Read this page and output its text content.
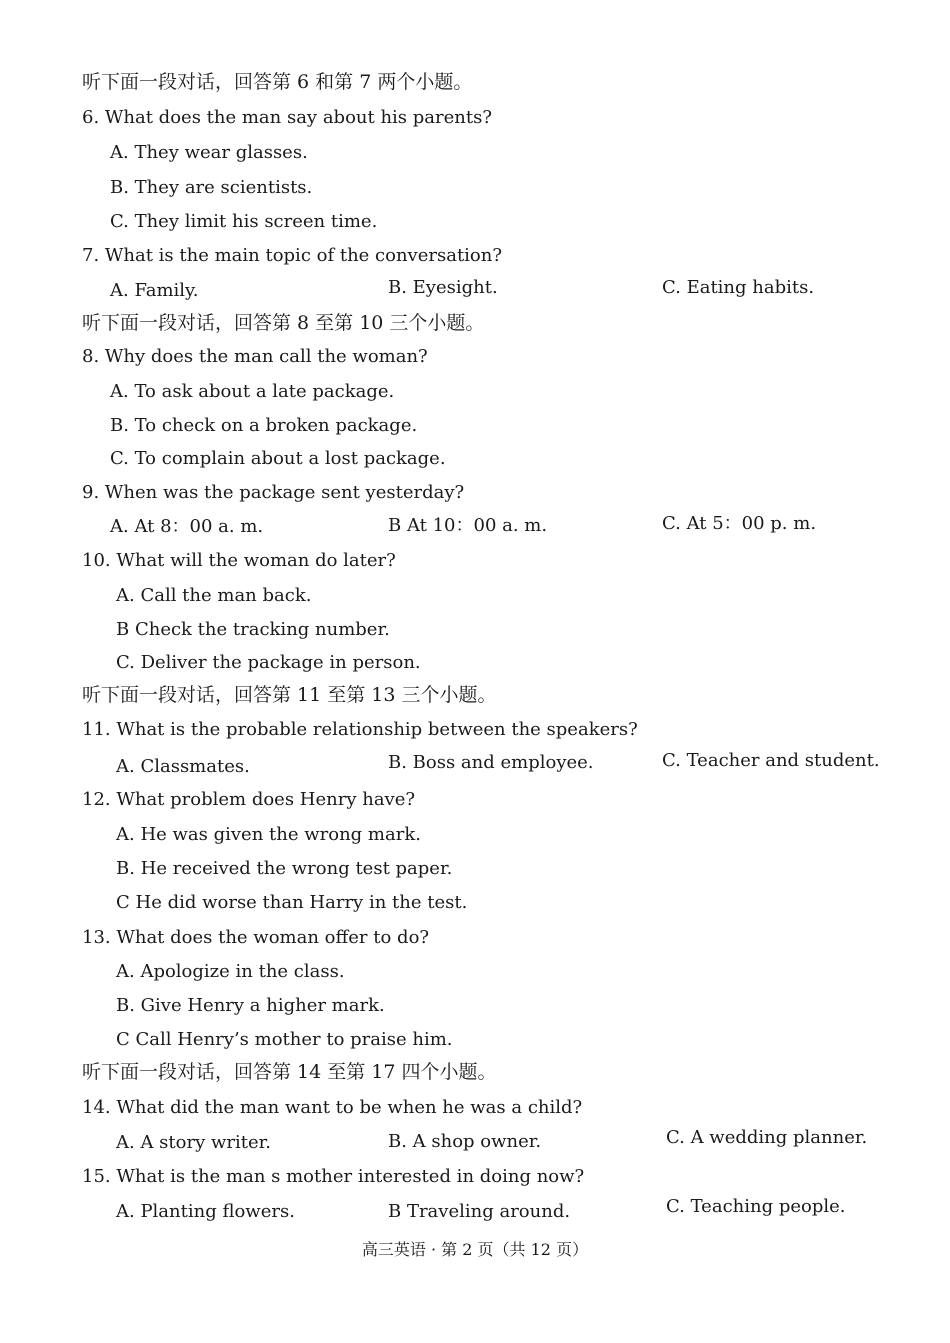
听下面一段对话，回答第 6 和第 7 两个小题。
6. What does the man say about his parents?
A. They wear glasses.
B. They are scientists.
C. They limit his screen time.
7. What is the main topic of the conversation?
A. Family.	B. Eyesight.	C. Eating habits.
听下面一段对话，回答第 8 至第 10 三个小题。
8. Why does the man call the woman?
A. To ask about a late package.
B. To check on a broken package.
C. To complain about a lost package.
9. When was the package sent yesterday?
A. At 8：00 a. m.	B At 10：00 a. m.	C. At 5：00 p. m.
10. What will the woman do later?
A. Call the man back.
B Check the tracking number.
C. Deliver the package in person.
听下面一段对话，回答第 11 至第 13 三个小题。
11. What is the probable relationship between the speakers?
A. Classmates.	B. Boss and employee.	C. Teacher and student.
12. What problem does Henry have?
A. He was given the wrong mark.
B. He received the wrong test paper.
C He did worse than Harry in the test.
13. What does the woman offer to do?
A. Apologize in the class.
B. Give Henry a higher mark.
C Call Henry’s mother to praise him.
听下面一段对话，回答第 14 至第 17 四个小题。
14. What did the man want to be when he was a child?
A. A story writer.	B. A shop owner.	C. A wedding planner.
15. What is the man s mother interested in doing now?
A. Planting flowers.	B Traveling around.	C. Teaching people.
高三英语 · 第 2 页（共 12 页）
